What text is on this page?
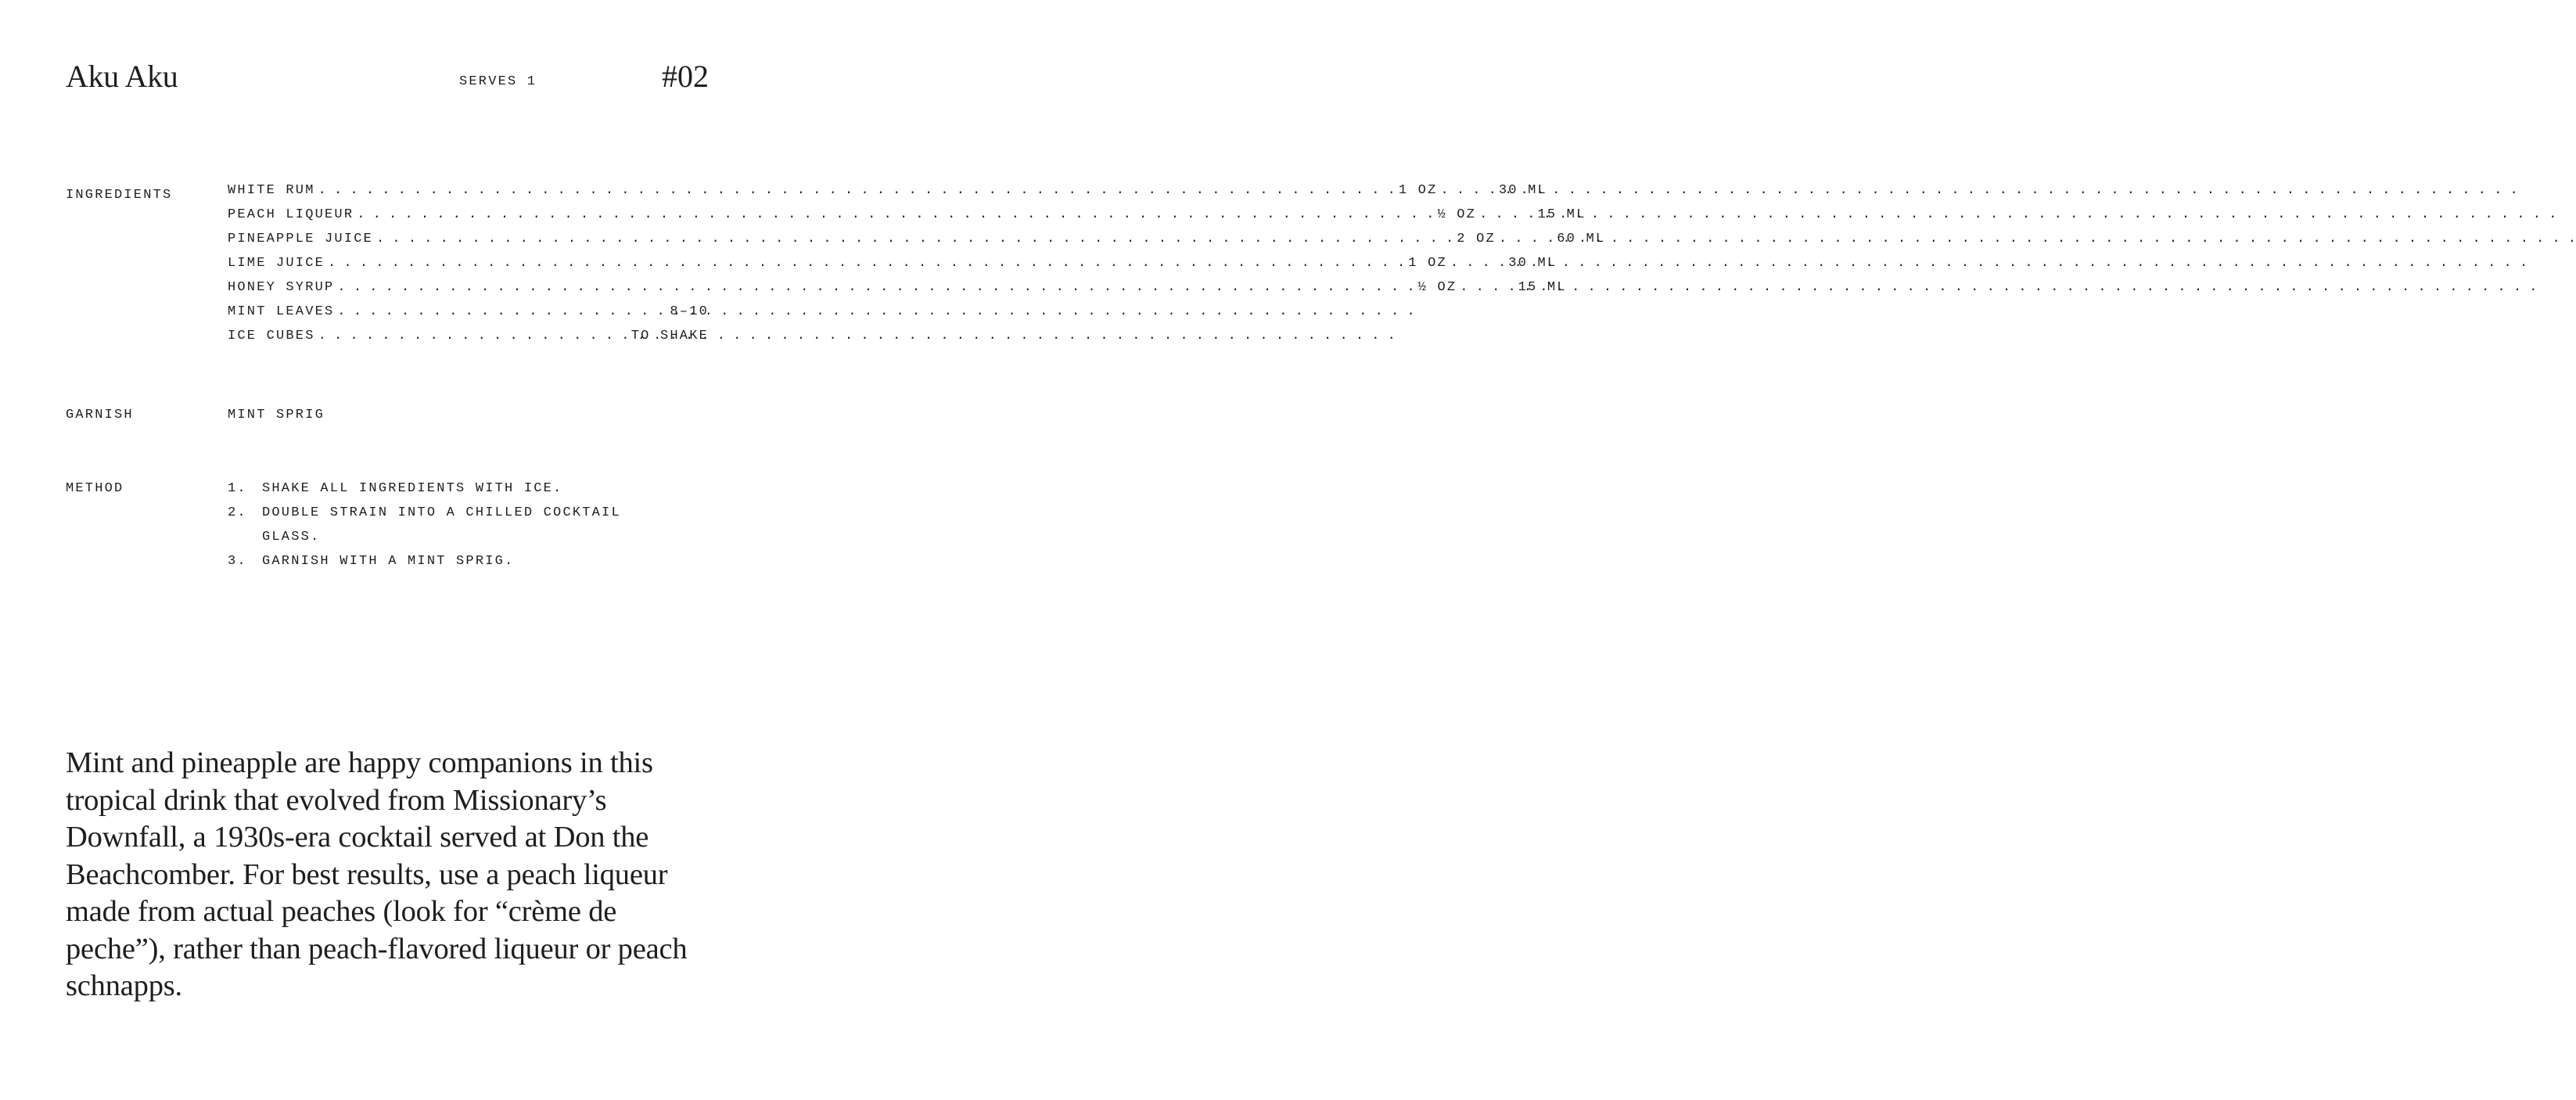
Aku Aku	SERVES 1	#02
INGREDIENTS	WHITE RUM . . .	1 OZ . . .	30 ML
PEACH LIQUEUR . . .	½ OZ . . .	15 ML
PINEAPPLE JUICE . . .	2 OZ . . .	60 ML
LIME JUICE . . .	1 OZ . . .	30 ML
HONEY SYRUP . . .	½ OZ . . .	15 ML
MINT LEAVES . . .	8–10
ICE CUBES . . .	TO SHAKE
GARNISH	MINT SPRIG
METHOD	1.	SHAKE ALL INGREDIENTS WITH ICE.
2.	DOUBLE STRAIN INTO A CHILLED COCKTAIL GLASS.
3.	GARNISH WITH A MINT SPRIG.

Mint and pineapple are happy companions in this tropical drink that evolved from Missionary’s Downfall, a 1930s-era cocktail served at Don the Beachcomber. For best results, use a peach liqueur made from actual peaches (look for “crème de peche”), rather than peach-flavored liqueur or peach schnapps.
